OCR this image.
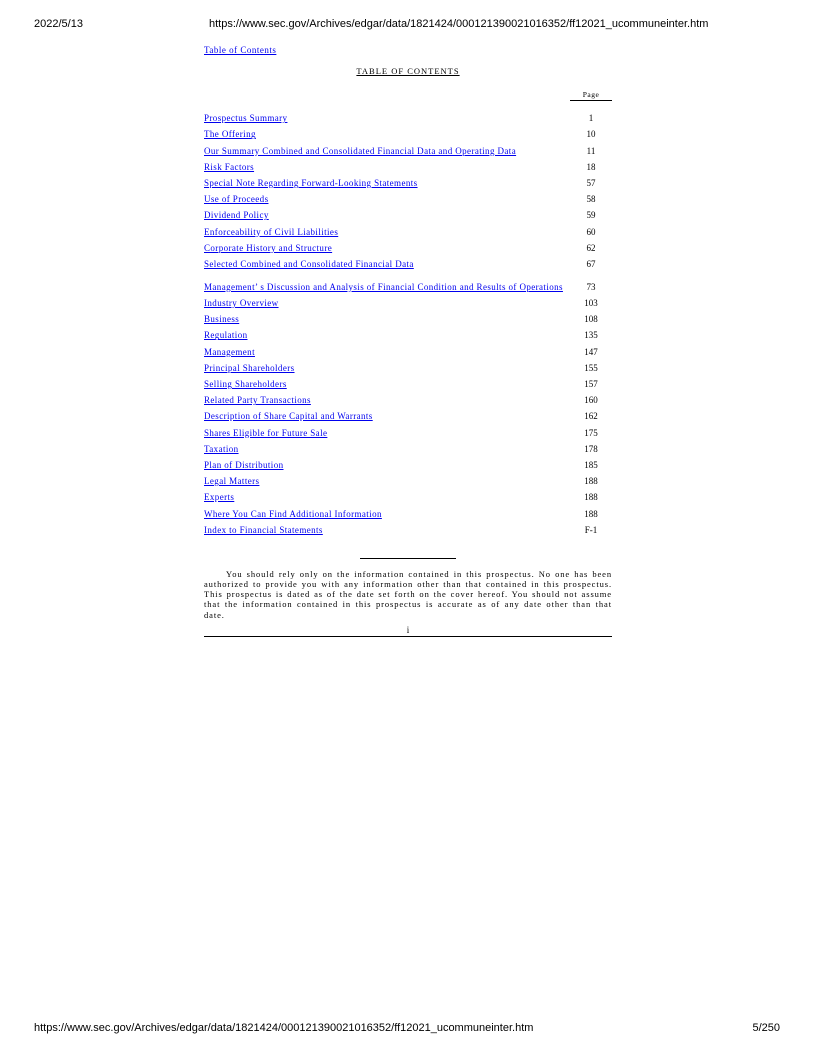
2022/5/13	https://www.sec.gov/Archives/edgar/data/1821424/000121390021016352/ff12021_ucommuneinter.htm
Table of Contents
TABLE OF CONTENTS
Page
Prospectus Summary	1
The Offering	10
Our Summary Combined and Consolidated Financial Data and Operating Data	11
Risk Factors	18
Special Note Regarding Forward-Looking Statements	57
Use of Proceeds	58
Dividend Policy	59
Enforceability of Civil Liabilities	60
Corporate History and Structure	62
Selected Combined and Consolidated Financial Data	67
Management’ s Discussion and Analysis of Financial Condition and Results of Operations	73
Industry Overview	103
Business	108
Regulation	135
Management	147
Principal Shareholders	155
Selling Shareholders	157
Related Party Transactions	160
Description of Share Capital and Warrants	162
Shares Eligible for Future Sale	175
Taxation	178
Plan of Distribution	185
Legal Matters	188
Experts	188
Where You Can Find Additional Information	188
Index to Financial Statements	F-1
You should rely only on the information contained in this prospectus. No one has been authorized to provide you with any information other than that contained in this prospectus. This prospectus is dated as of the date set forth on the cover hereof. You should not assume that the information contained in this prospectus is accurate as of any date other than that date.
i
https://www.sec.gov/Archives/edgar/data/1821424/000121390021016352/ff12021_ucommuneinter.htm	5/250
